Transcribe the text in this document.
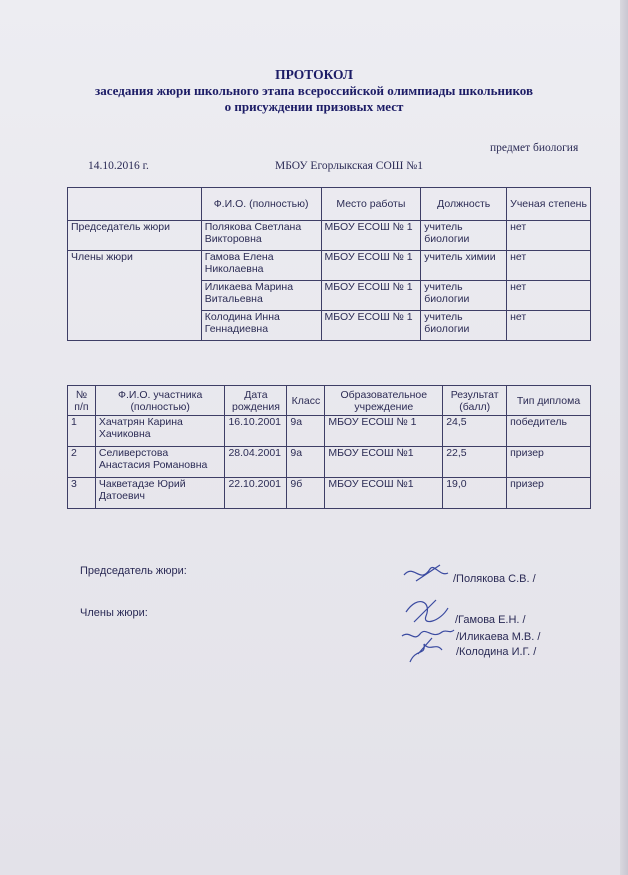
ПРОТОКОЛ
заседания жюри школьного этапа всероссийской олимпиады школьников
о присуждении призовых мест
предмет биология
14.10.2016 г.	МБОУ Егорлыкская СОШ №1
	Ф.И.О. (полностью)	Место работы	Должность	Ученая степень
Председатель жюри	Полякова Светлана Викторовна	МБОУ ЕСОШ № 1	учитель биологии	нет
Члены жюри	Гамова Елена Николаевна	МБОУ ЕСОШ № 1	учитель химии	нет
	Иликаева Марина Витальевна	МБОУ ЕСОШ № 1	учитель биологии	нет
	Колодина Инна Геннадиевна	МБОУ ЕСОШ № 1	учитель биологии	нет
№ п/п	Ф.И.О. участника (полностью)	Дата рождения	Класс	Образовательное учреждение	Результат (балл)	Тип диплома
1	Хачатрян Карина Хачиковна	16.10.2001	9а	МБОУ ЕСОШ № 1	24,5	победитель
2	Селиверстова Анастасия Романовна	28.04.2001	9а	МБОУ ЕСОШ №1	22,5	призер
3	Чакветадзе Юрий Датоевич	22.10.2001	9б	МБОУ ЕСОШ №1	19,0	призер
Председатель жюри:
/Полякова С.В. /
Члены жюри:
/Гамова Е.Н. /
/Иликаева М.В. /
/Колодина И.Г. /
